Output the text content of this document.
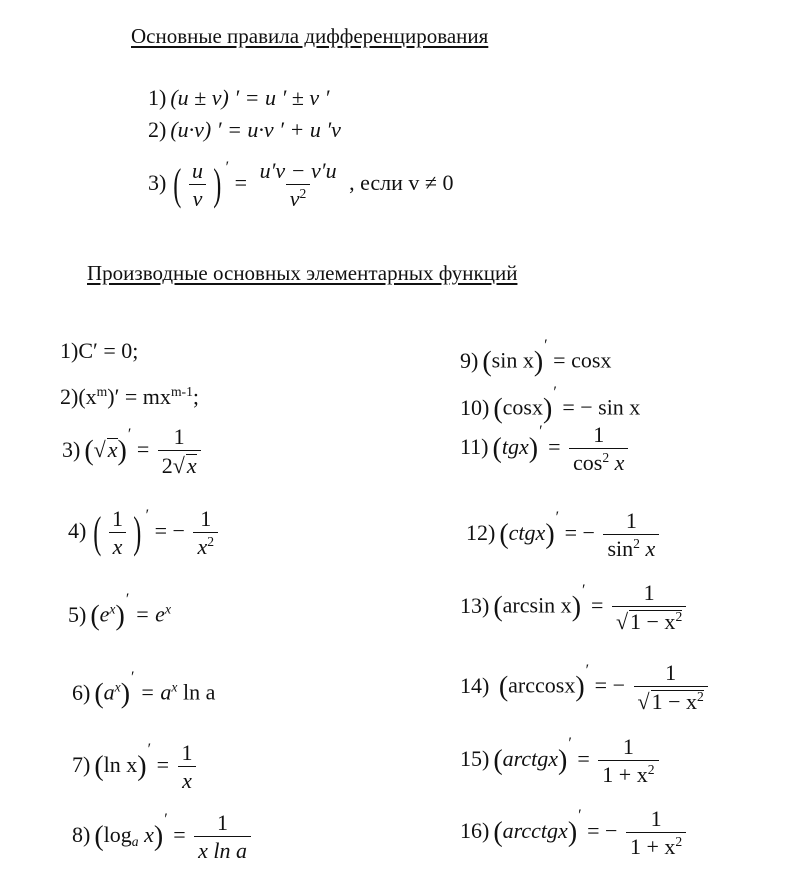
Основные правила дифференцирования
Производные основных элементарных функций
1) (u ± v) ′ = u ′ ± v ′
2) (u·v) ′ = u·v ′ + u ′v
3) ( $\frac{u}{v}$ ) ′ = $\frac{u'v - v'u}{v^2}$ , если v ≠ 0
1)C′ = 0;
$2)(x^m)' = mx^{m-1}$;
3) $(√x)' = \frac{1}{2√x}$
4) ( $\frac{1}{x}$ ) ′ = − $\frac{1}{x^2}$
5) $(e^x)' = e^x$
6) $(a^x)' = a^x$ ln a
7) (ln $x)' = \frac{1}{x}$
8) ($\log_a$ $x)' = \frac{1}{\text{x ln a}}$
9) (sin x)′ = cosx
10) (cosx)′ = − sin x
11) $(tgx)' = \frac{1}{\cos^2 x}$
12) (ctgx)′ = − $\frac{1}{\sin^2 x}$
13) (arcsin $x)' = \frac{1}{√1 - x^2}$
14) (arccosx)′ = − $\frac{1}{√1 - x^2}$
15) (arctgx)′ = $\frac{1}{1 + x^2}$
16) (arcctgx)′ = − $\frac{1}{1 + x^2}$
